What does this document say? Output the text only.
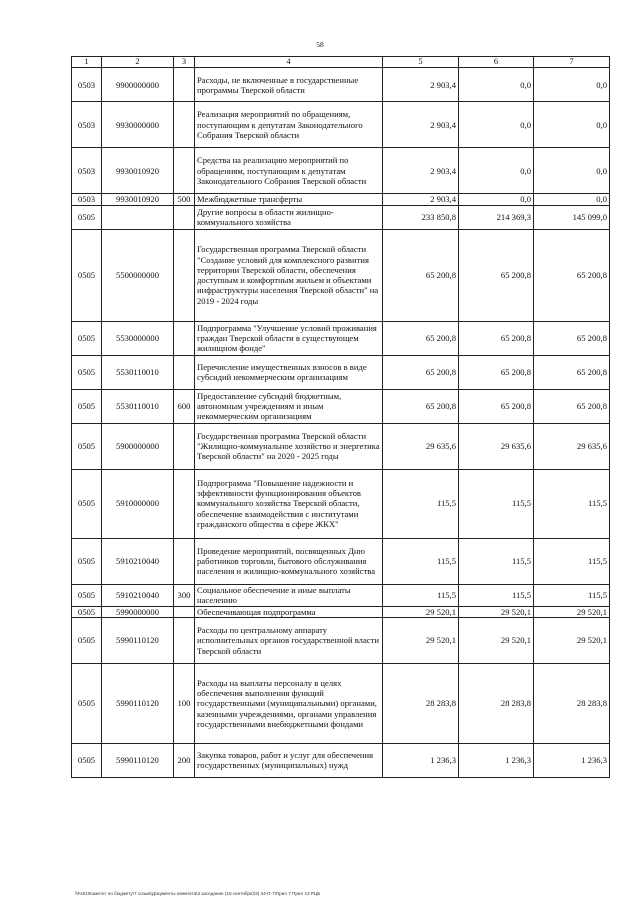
58
1	2	3	4	5	6	7
0503	9900000000		Расходы, не включенные в государственные программы Тверской области	2 903,4	0,0	0,0
0503	9930000000		Реализация мероприятий по обращениям, поступающим к депутатам Законодательного Собрания Тверской области	2 903,4	0,0	0,0
0503	9930010920		Средства на реализацию мероприятий по обращениям, поступающим к депутатам Законодательного Собрания Тверской области	2 903,4	0,0	0,0
0503	9930010920	500	Межбюджетные трансферты	2 903,4	0,0	0,0
0505			Другие вопросы в области жилищно-коммунального хозяйства	233 850,8	214 369,3	145 099,0
0505	5500000000		Государственная программа Тверской области "Создание условий для комплексного развития территории Тверской области, обеспечения доступным и комфортным жильем и объектами инфраструктуры населения Тверской области" на 2019 - 2024 годы	65 200,8	65 200,8	65 200,8
0505	5530000000		Подпрограмма "Улучшение условий проживания граждан Тверской области в существующем жилищном фонде"	65 200,8	65 200,8	65 200,8
0505	5530110010		Перечисление имущественных взносов в виде субсидий некоммерческим организациям	65 200,8	65 200,8	65 200,8
0505	5530110010	600	Предоставление субсидий бюджетным, автономным учреждениям и иным некоммерческим организациям	65 200,8	65 200,8	65 200,8
0505	5900000000		Государственная программа Тверской области "Жилищно-коммунальное хозяйство и энергетика Тверской области" на 2020 - 2025 годы	29 635,6	29 635,6	29 635,6
0505	5910000000		Подпрограмма "Повышение надежности и эффективности функционирования объектов коммунального хозяйства Тверской области, обеспечение взаимодействия с институтами гражданского общества в сфере ЖКХ"	115,5	115,5	115,5
0505	5910210040		Проведение мероприятий, посвященных Дню работников торговли, бытового обслуживания населения и жилищно-коммунального хозяйства	115,5	115,5	115,5
0505	5910210040	300	Социальное обеспечение и иные выплаты населению	115,5	115,5	115,5
0505	5990000000		Обеспечивающая подпрограмма	29 520,1	29 520,1	29 520,1
0505	5990110120		Расходы по центральному аппарату исполнительных органов государственной власти Тверской области	29 520,1	29 520,1	29 520,1
0505	5990110120	100	Расходы на выплаты персоналу в целях обеспечения выполнения функций государственными (муниципальными) органами, казенными учреждениями, органами управления государственными внебюджетными фондами	28 283,8	28 283,8	28 283,8
0505	5990110120	200	Закупка товаров, работ и услуг для обеспечения государственных (муниципальных) нужд	1 236,3	1 236,3	1 236,3
\\Fs01\Комитет по бюджету\7 созыв\Документы комитета\3 заседание (18 сентября)\3) 44-П-7\Прил 7 Прил 13 РЦБ
